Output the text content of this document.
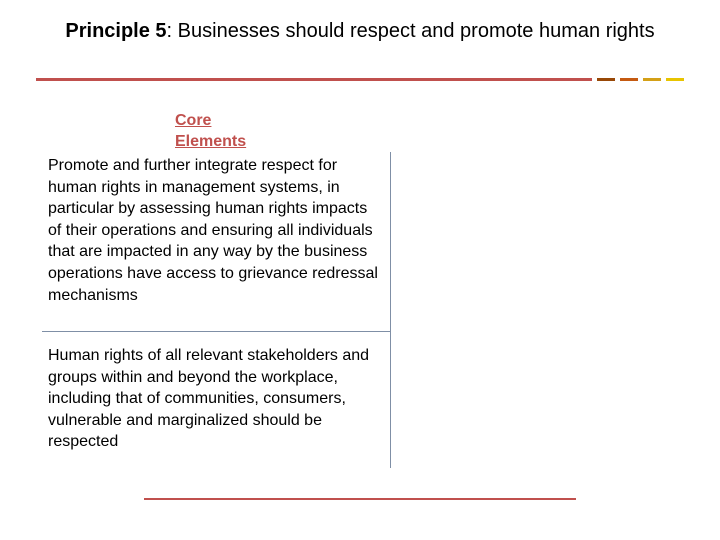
Principle 5: Businesses should respect and promote human rights
Core
Elements
Promote and further integrate respect for human rights in management systems, in particular by assessing human rights impacts of their operations and ensuring all individuals that are impacted in any way by the business operations have access to grievance redressal mechanisms
Human rights of all relevant stakeholders and groups within and beyond the workplace, including that of communities, consumers, vulnerable and marginalized should be respected
